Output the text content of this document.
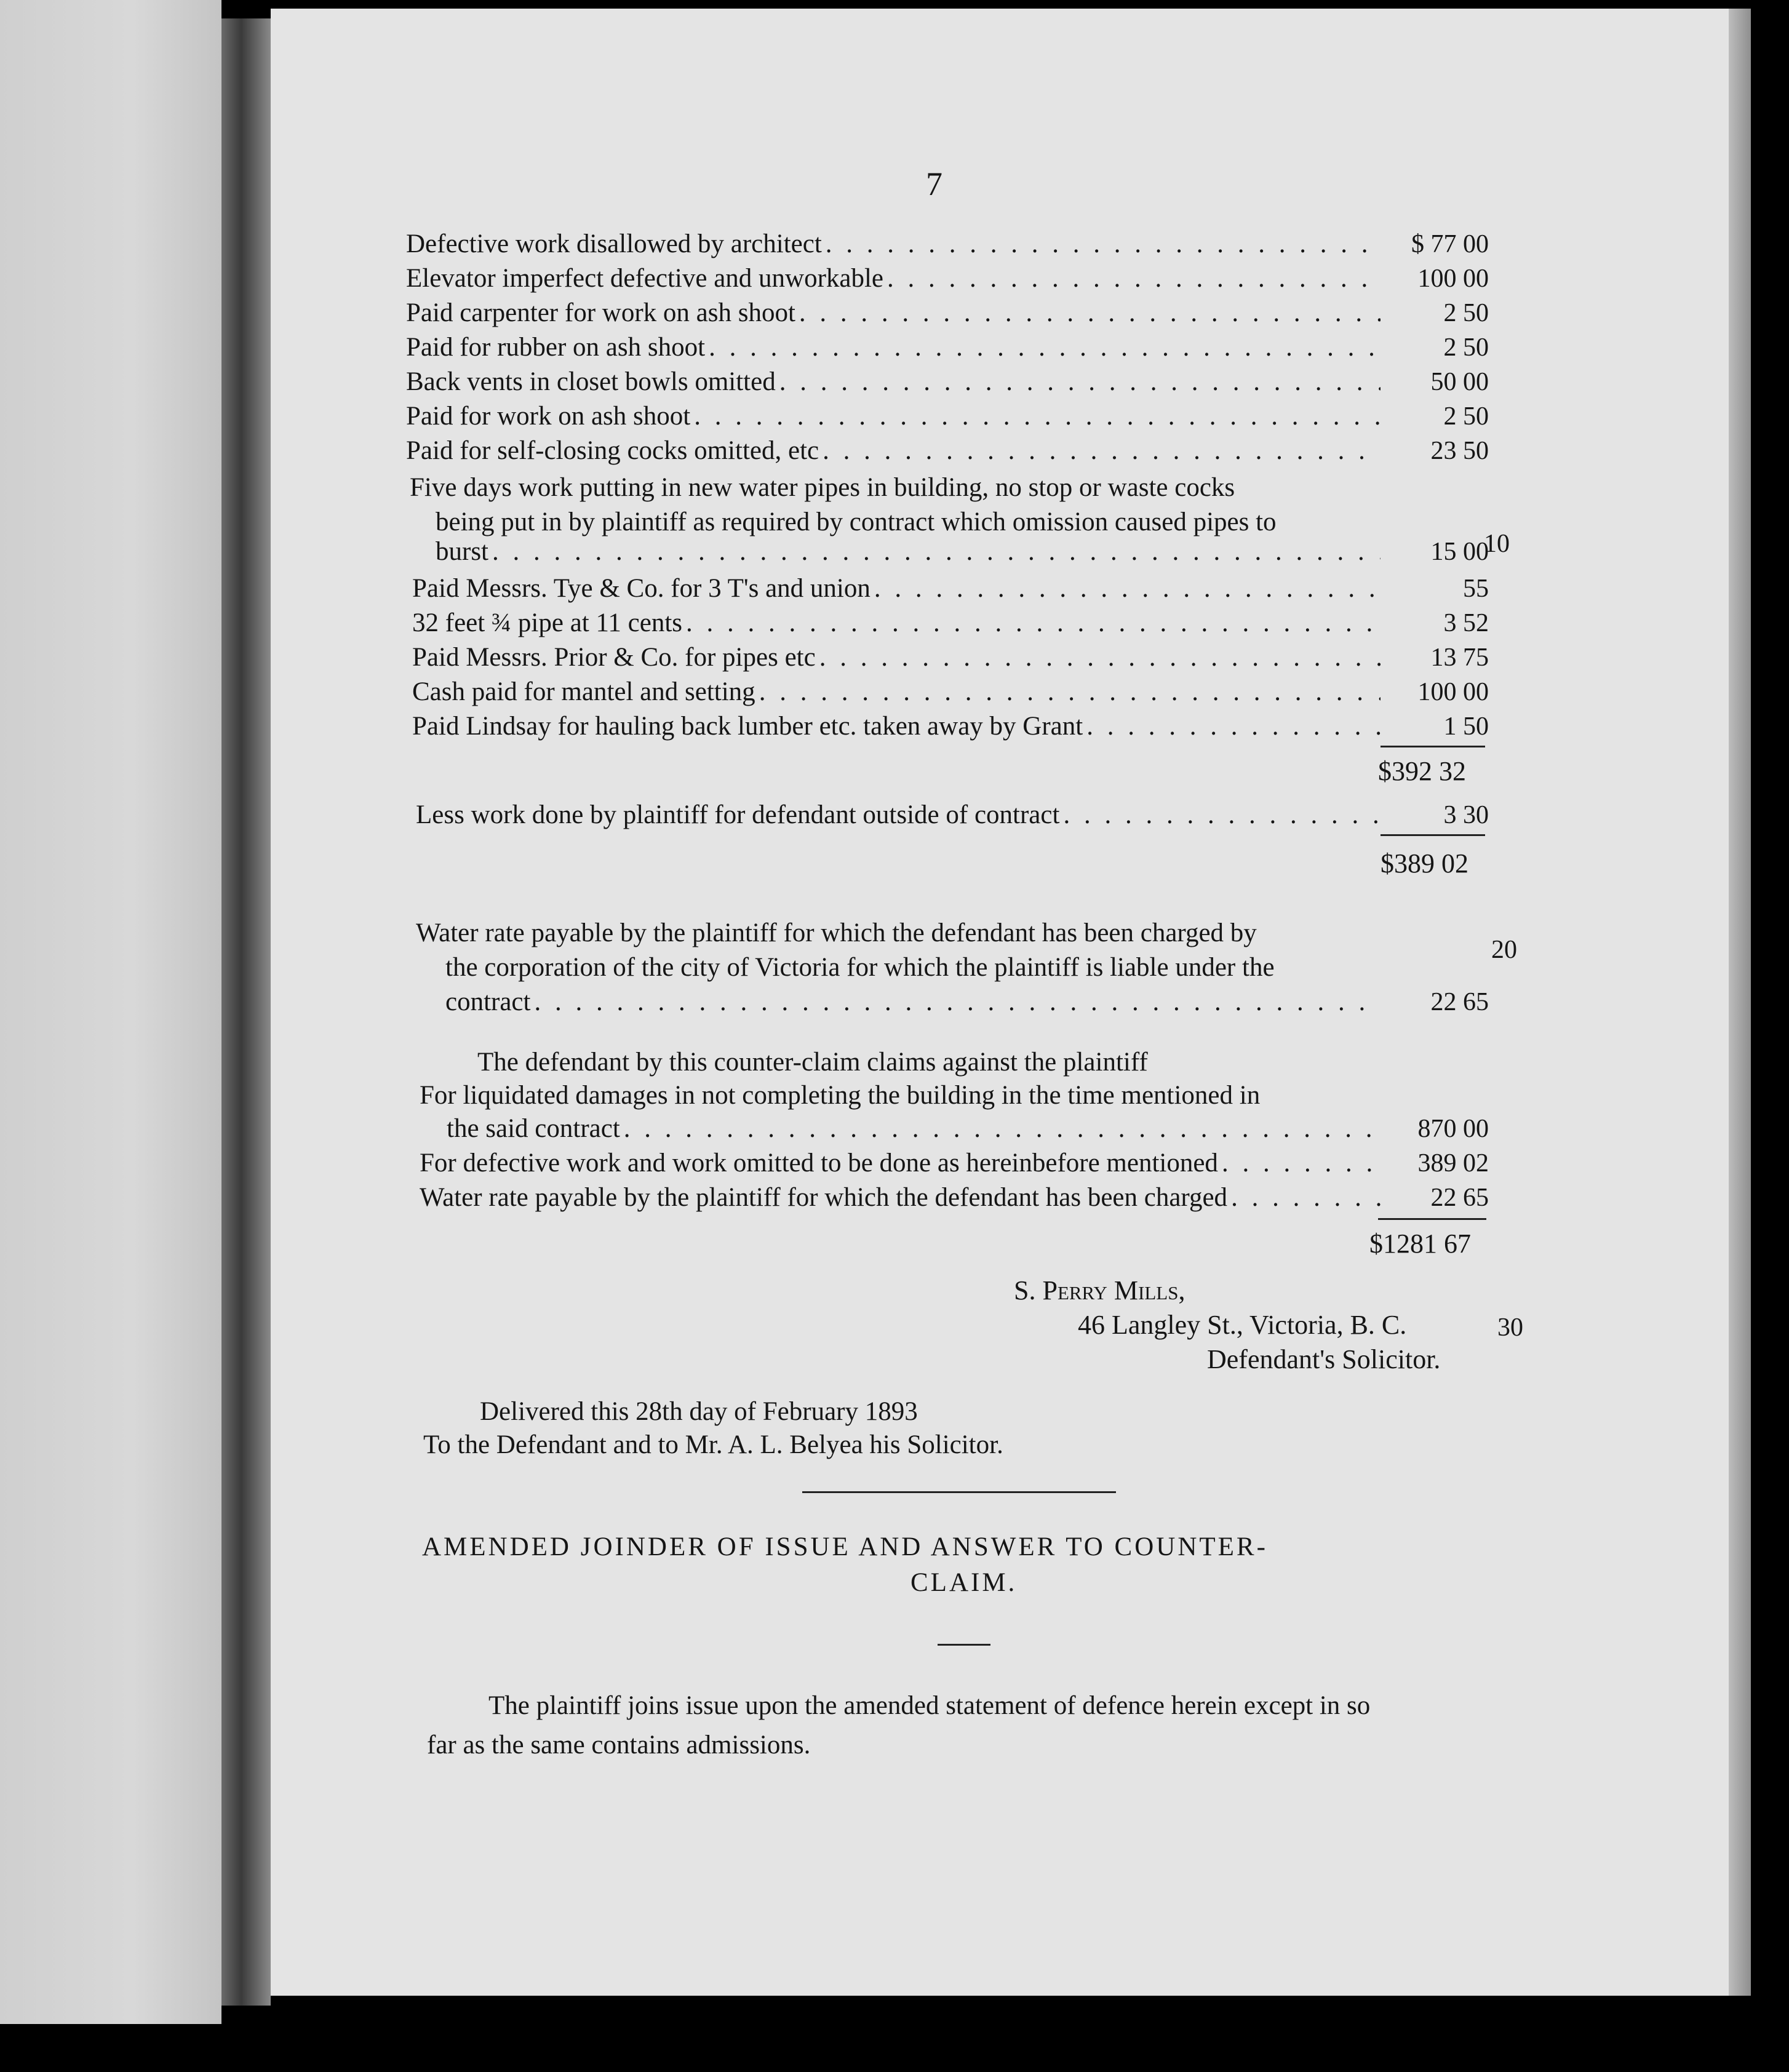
7
Defective work disallowed by architect . . .	$ 77 00
Elevator imperfect defective and unworkable . . .	100 00
Paid carpenter for work on ash shoot . . .	2 50
Paid for rubber on ash shoot . . .	2 50
Back vents in closet bowls omitted . . .	50 00
Paid for work on ash shoot . . .	2 50
Paid for self-closing cocks omitted, etc . . .	23 50
Five days work putting in new water pipes in building, no stop or waste cocks
being put in by plaintiff as required by contract which omission caused pipes to
burst . . .	15 00
10
Paid Messrs. Tye & Co. for 3 T's and union . . .	55
32 feet ¾ pipe at 11 cents . . .	3 52
Paid Messrs. Prior & Co. for pipes etc . . .	13 75
Cash paid for mantel and setting . . .	100 00
Paid Lindsay for hauling back lumber etc. taken away by Grant . . .	1 50
$392 32
Less work done by plaintiff for defendant outside of contract . . .	3 30
$389 02
Water rate payable by the plaintiff for which the defendant has been charged by
the corporation of the city of Victoria for which the plaintiff is liable under the
20
contract . . .	22 65
The defendant by this counter-claim claims against the plaintiff
For liquidated damages in not completing the building in the time mentioned in
the said contract . . .	870 00
For defective work and work omitted to be done as hereinbefore mentioned . . .	389 02
Water rate payable by the plaintiff for which the defendant has been charged . . .	22 65
$1281 67
S. Perry Mills,
46 Langley St., Victoria, B. C.	30
Defendant's Solicitor.
Delivered this 28th day of February 1893
To the Defendant and to Mr. A. L. Belyea his Solicitor.
AMENDED JOINDER OF ISSUE AND ANSWER TO COUNTER-
CLAIM.
The plaintiff joins issue upon the amended statement of defence herein except in so
far as the same contains admissions.
